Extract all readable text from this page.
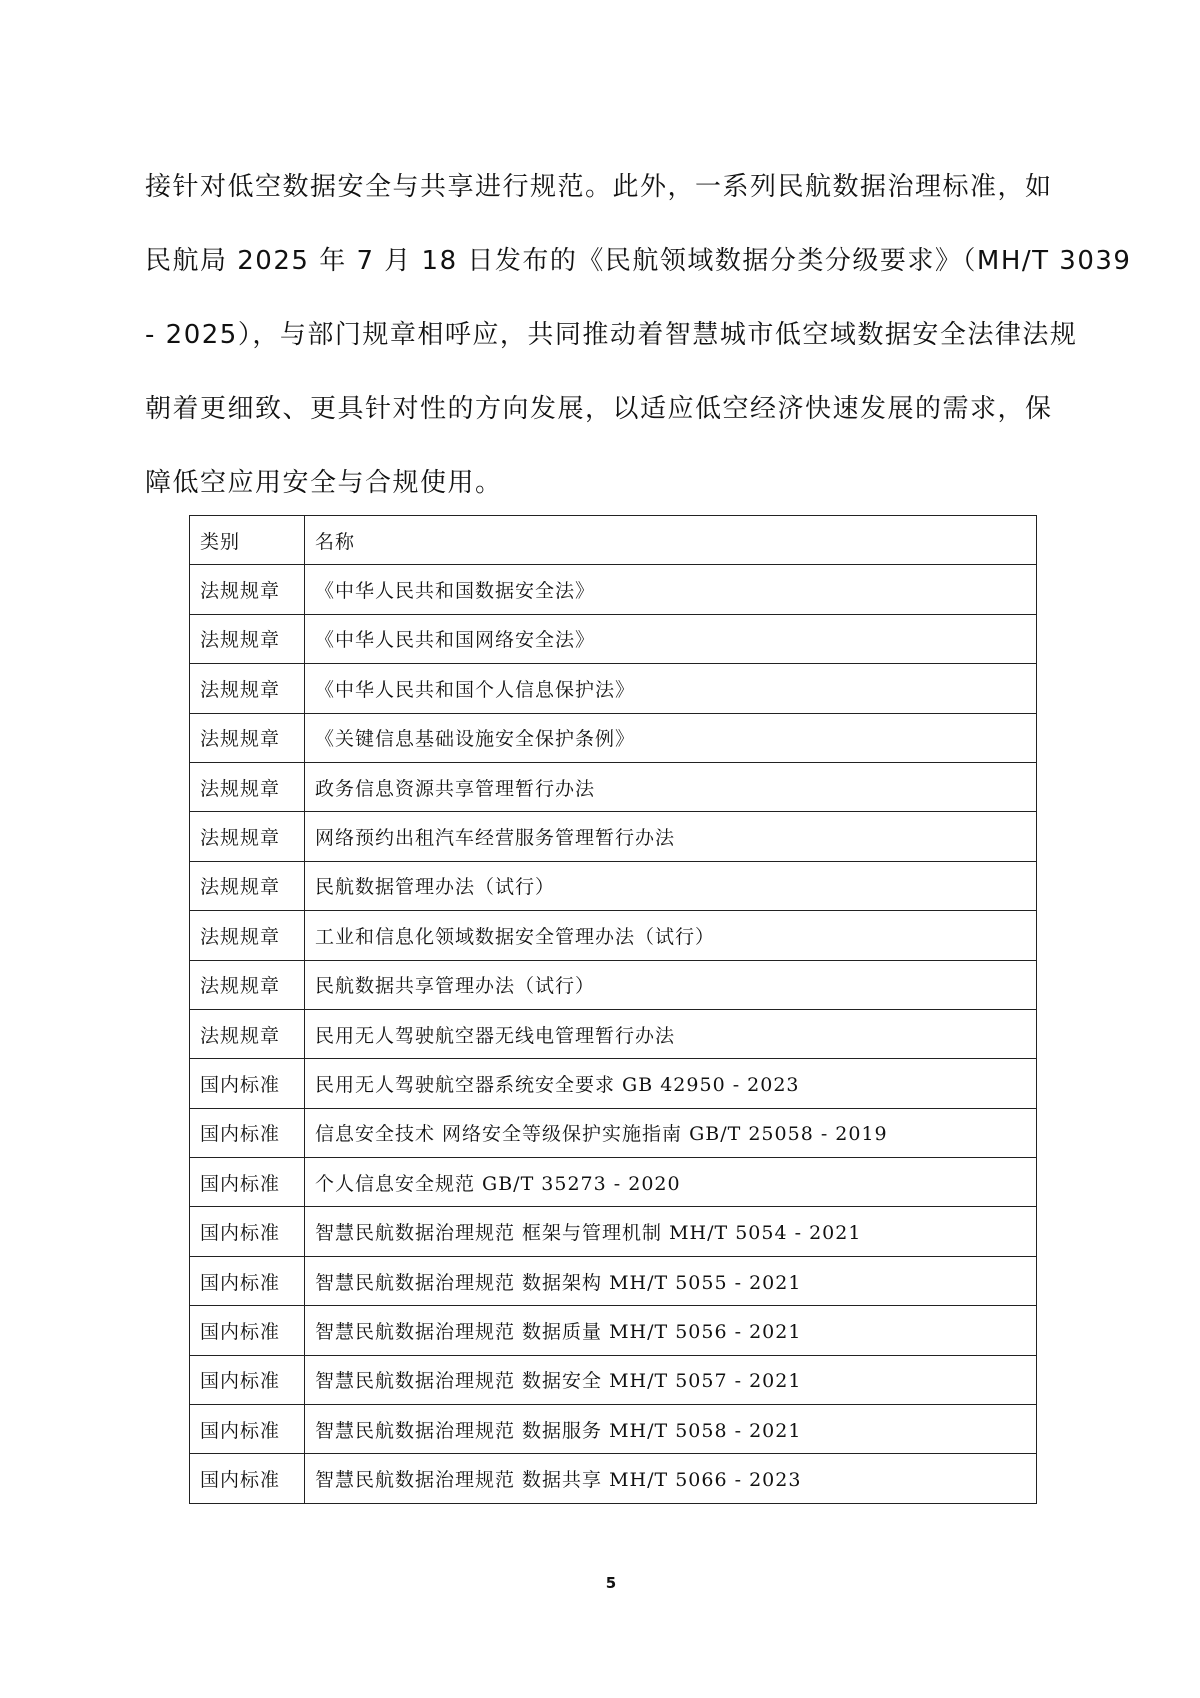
接针对低空数据安全与共享进行规范。此外，一系列民航数据治理标准，如

民航局 2025 年 7 月 18 日发布的《民航领域数据分类分级要求》（MH/T 3039

- 2025），与部门规章相呼应，共同推动着智慧城市低空域数据安全法律法规

朝着更细致、更具针对性的方向发展，以适应低空经济快速发展的需求，保

障低空应用安全与合规使用。

类别	名称
法规规章	《中华人民共和国数据安全法》
法规规章	《中华人民共和国网络安全法》
法规规章	《中华人民共和国个人信息保护法》
法规规章	《关键信息基础设施安全保护条例》
法规规章	政务信息资源共享管理暂行办法
法规规章	网络预约出租汽车经营服务管理暂行办法
法规规章	民航数据管理办法（试行）
法规规章	工业和信息化领域数据安全管理办法（试行）
法规规章	民航数据共享管理办法（试行）
法规规章	民用无人驾驶航空器无线电管理暂行办法
国内标准	民用无人驾驶航空器系统安全要求 GB 42950 - 2023
国内标准	信息安全技术 网络安全等级保护实施指南 GB/T 25058 - 2019
国内标准	个人信息安全规范 GB/T 35273 - 2020
国内标准	智慧民航数据治理规范 框架与管理机制 MH/T 5054 - 2021
国内标准	智慧民航数据治理规范 数据架构 MH/T 5055 - 2021
国内标准	智慧民航数据治理规范 数据质量 MH/T 5056 - 2021
国内标准	智慧民航数据治理规范 数据安全 MH/T 5057 - 2021
国内标准	智慧民航数据治理规范 数据服务 MH/T 5058 - 2021
国内标准	智慧民航数据治理规范 数据共享 MH/T 5066 - 2023
5
